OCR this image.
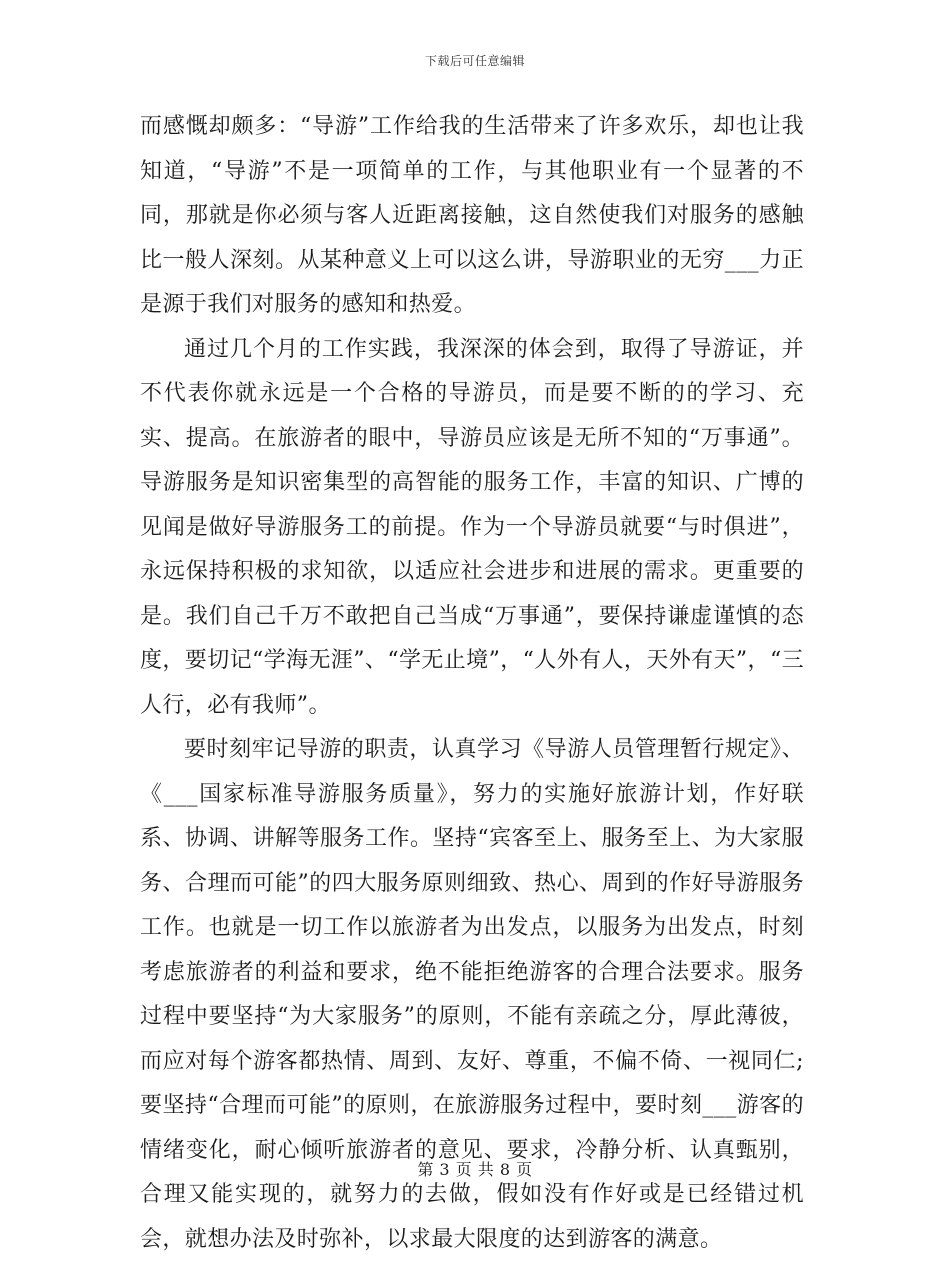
下载后可任意编辑

而感慨却颇多：“导游”工作给我的生活带来了许多欢乐，却也让我知道，“导游”不是一项简单的工作，与其他职业有一个显著的不同，那就是你必须与客人近距离接触，这自然使我们对服务的感触比一般人深刻。从某种意义上可以这么讲，导游职业的无穷___力正是源于我们对服务的感知和热爱。

通过几个月的工作实践，我深深的体会到，取得了导游证，并不代表你就永远是一个合格的导游员，而是要不断的的学习、充实、提高。在旅游者的眼中，导游员应该是无所不知的“万事通”。导游服务是知识密集型的高智能的服务工作，丰富的知识、广博的见闻是做好导游服务工的前提。作为一个导游员就要“与时俱进”，永远保持积极的求知欲，以适应社会进步和进展的需求。更重要的是。我们自己千万不敢把自己当成“万事通”，要保持谦虚谨慎的态度，要切记“学海无涯”、“学无止境”，“人外有人，天外有天”，“三人行，必有我师”。

要时刻牢记导游的职责，认真学习《导游人员管理暂行规定》、《___国家标准导游服务质量》，努力的实施好旅游计划，作好联系、协调、讲解等服务工作。坚持“宾客至上、服务至上、为大家服务、合理而可能”的四大服务原则细致、热心、周到的作好导游服务工作。也就是一切工作以旅游者为出发点，以服务为出发点，时刻考虑旅游者的利益和要求，绝不能拒绝游客的合理合法要求。服务过程中要坚持“为大家服务”的原则，不能有亲疏之分，厚此薄彼，而应对每个游客都热情、周到、友好、尊重，不偏不倚、一视同仁;要坚持“合理而可能”的原则，在旅游服务过程中，要时刻___游客的情绪变化，耐心倾听旅游者的意见、要求，冷静分析、认真甄别，合理又能实现的，就努力的去做，假如没有作好或是已经错过机会，就想办法及时弥补，以求最大限度的达到游客的满意。

第 3 页 共 8 页
